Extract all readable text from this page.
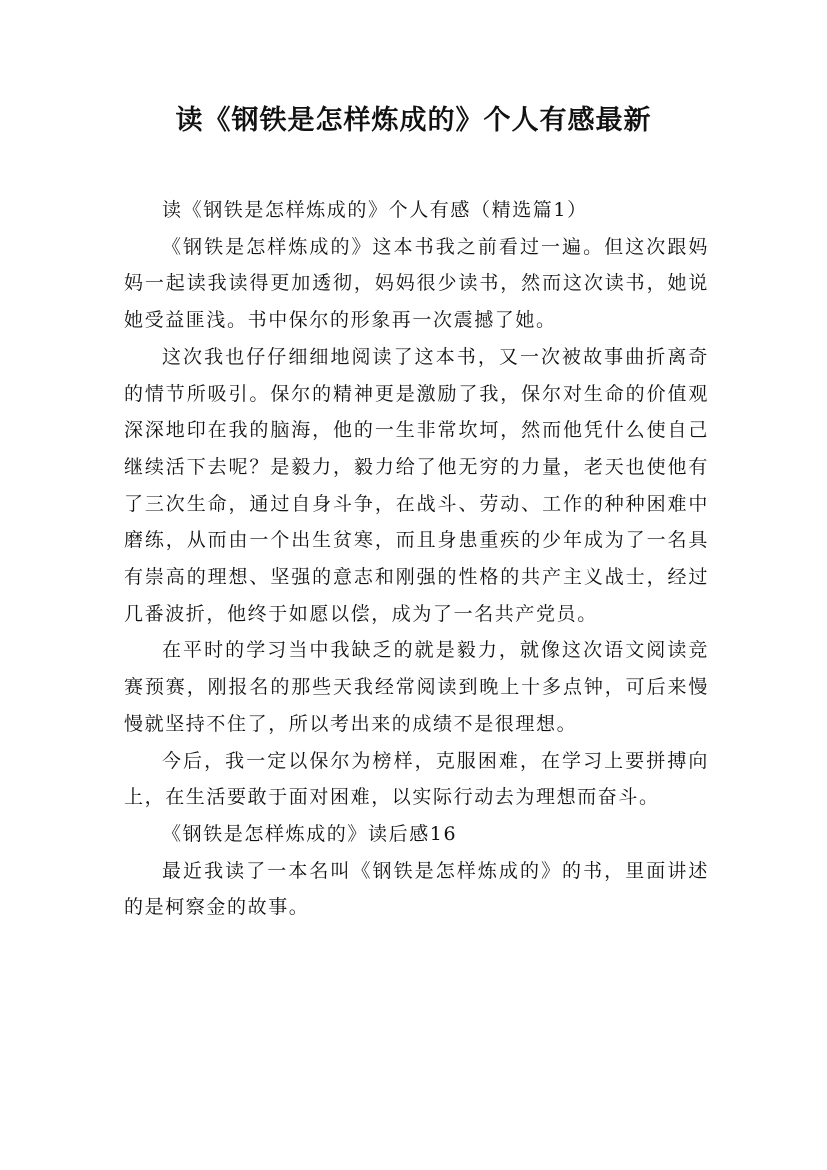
读《钢铁是怎样炼成的》个人有感最新

读《钢铁是怎样炼成的》个人有感（精选篇1）

《钢铁是怎样炼成的》这本书我之前看过一遍。但这次跟妈妈一起读我读得更加透彻，妈妈很少读书，然而这次读书，她说她受益匪浅。书中保尔的形象再一次震撼了她。

这次我也仔仔细细地阅读了这本书，又一次被故事曲折离奇的情节所吸引。保尔的精神更是激励了我，保尔对生命的价值观深深地印在我的脑海，他的一生非常坎坷，然而他凭什么使自己继续活下去呢？是毅力，毅力给了他无穷的力量，老天也使他有了三次生命，通过自身斗争，在战斗、劳动、工作的种种困难中磨练，从而由一个出生贫寒，而且身患重疾的少年成为了一名具有崇高的理想、坚强的意志和刚强的性格的共产主义战士，经过几番波折，他终于如愿以偿，成为了一名共产党员。

在平时的学习当中我缺乏的就是毅力，就像这次语文阅读竞赛预赛，刚报名的那些天我经常阅读到晚上十多点钟，可后来慢慢就坚持不住了，所以考出来的成绩不是很理想。

今后，我一定以保尔为榜样，克服困难，在学习上要拼搏向上，在生活要敢于面对困难，以实际行动去为理想而奋斗。

《钢铁是怎样炼成的》读后感16

最近我读了一本名叫《钢铁是怎样炼成的》的书，里面讲述的是柯察金的故事。
